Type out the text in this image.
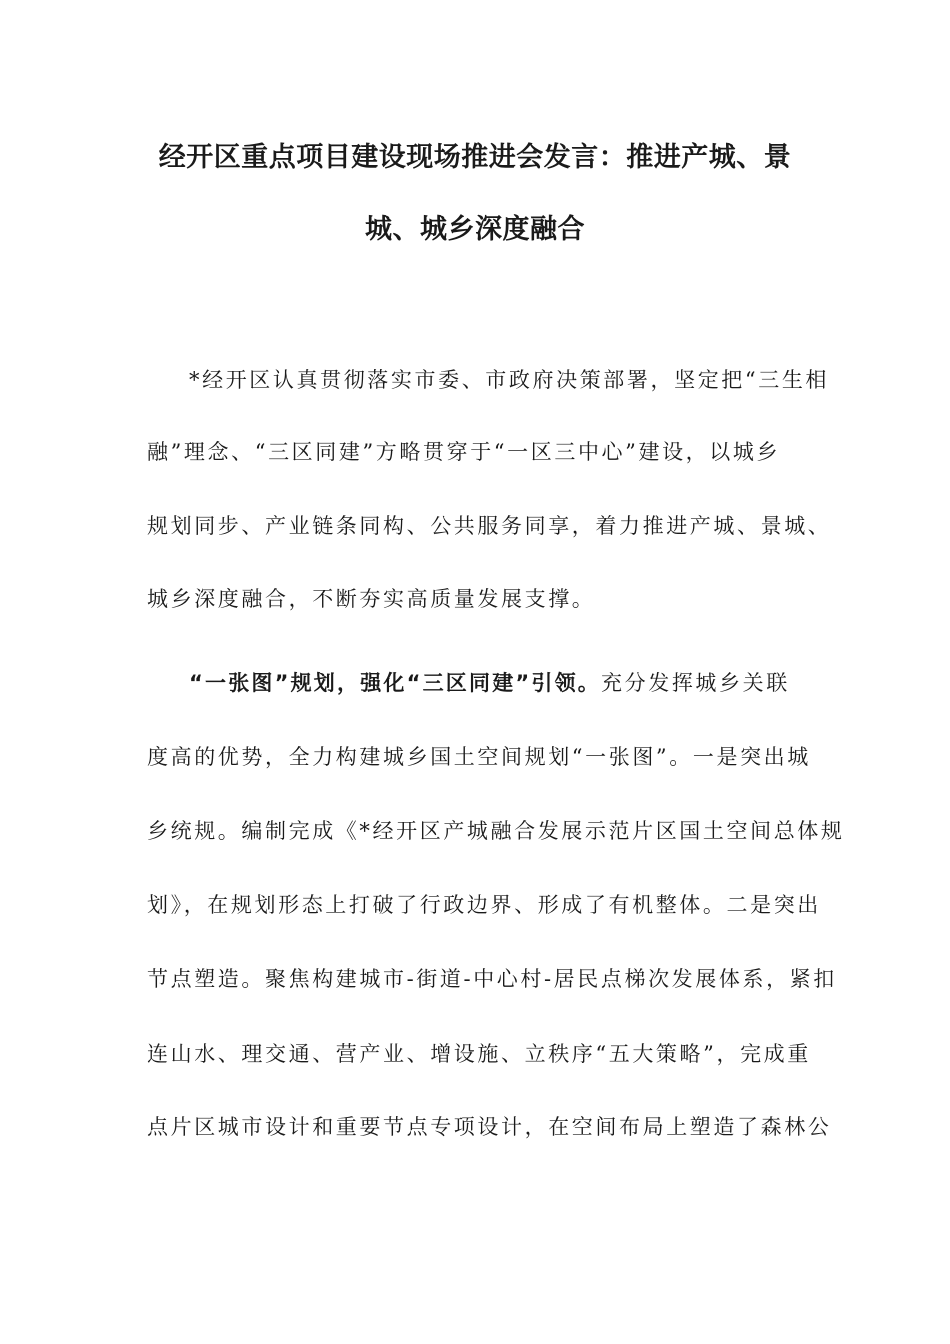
经开区重点项目建设现场推进会发言：推进产城、景
城、城乡深度融合
*经开区认真贯彻落实市委、市政府决策部署，坚定把“三生相
融”理念、“三区同建”方略贯穿于“一区三中心”建设，以城乡
规划同步、产业链条同构、公共服务同享，着力推进产城、景城、
城乡深度融合，不断夯实高质量发展支撑。
“一张图”规划，强化“三区同建”引领。充分发挥城乡关联
度高的优势，全力构建城乡国土空间规划“一张图”。一是突出城
乡统规。编制完成《*经开区产城融合发展示范片区国土空间总体规
划》，在规划形态上打破了行政边界、形成了有机整体。二是突出
节点塑造。聚焦构建城市-街道-中心村-居民点梯次发展体系，紧扣
连山水、理交通、营产业、增设施、立秩序“五大策略”，完成重
点片区城市设计和重要节点专项设计，在空间布局上塑造了森林公
